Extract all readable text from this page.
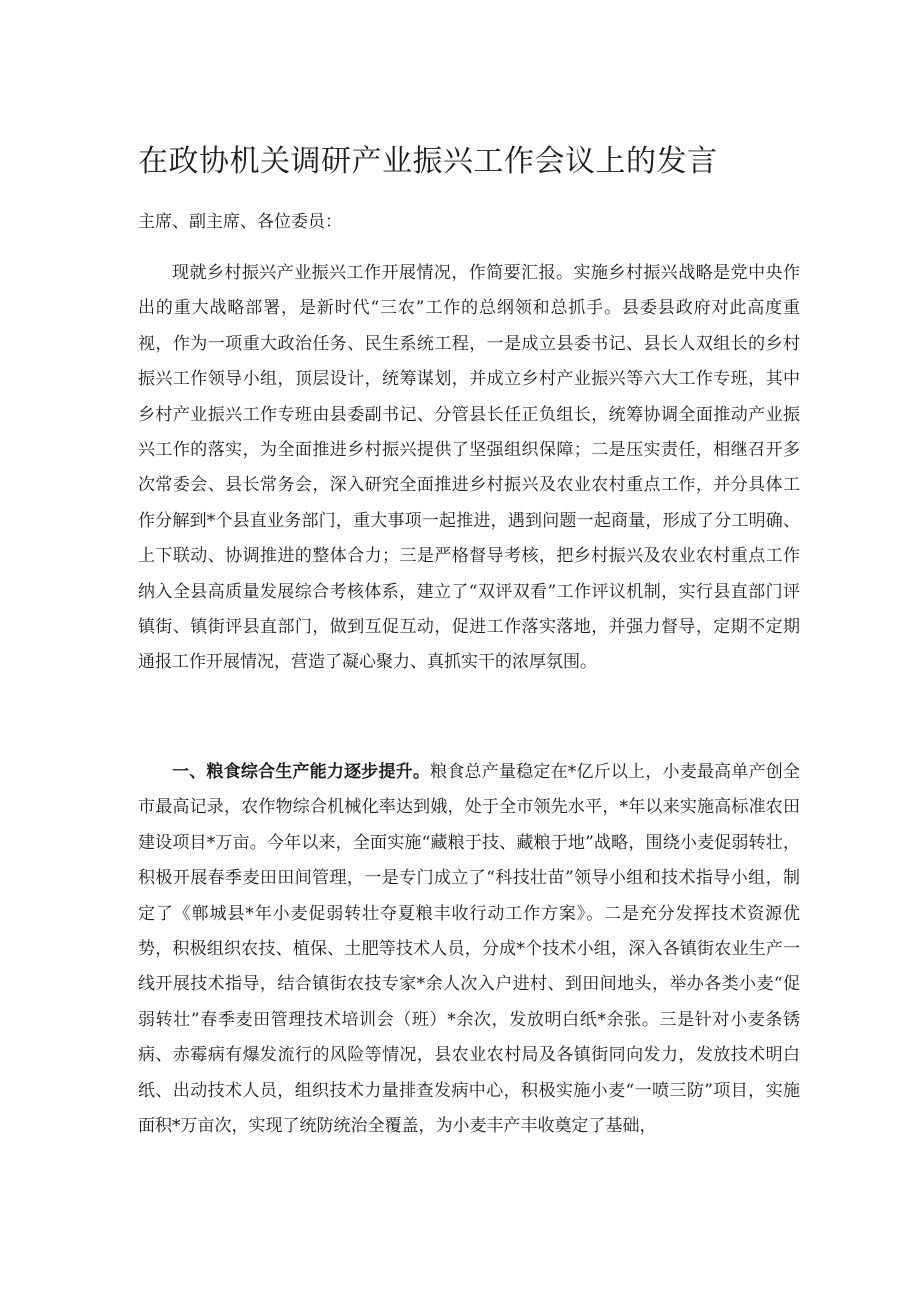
在政协机关调研产业振兴工作会议上的发言

主席、副主席、各位委员：

现就乡村振兴产业振兴工作开展情况，作简要汇报。实施乡村振兴战略是党中央作出的重大战略部署，是新时代“三农”工作的总纲领和总抓手。县委县政府对此高度重视，作为一项重大政治任务、民生系统工程，一是成立县委书记、县长人双组长的乡村振兴工作领导小组，顶层设计，统筹谋划，并成立乡村产业振兴等六大工作专班，其中乡村产业振兴工作专班由县委副书记、分管县长任正负组长，统筹协调全面推动产业振兴工作的落实，为全面推进乡村振兴提供了坚强组织保障；二是压实责任，相继召开多次常委会、县长常务会，深入研究全面推进乡村振兴及农业农村重点工作，并分具体工作分解到*个县直业务部门，重大事项一起推进，遇到问题一起商量，形成了分工明确、上下联动、协调推进的整体合力；三是严格督导考核，把乡村振兴及农业农村重点工作纳入全县高质量发展综合考核体系，建立了“双评双看”工作评议机制，实行县直部门评镇街、镇街评县直部门，做到互促互动，促进工作落实落地，并强力督导，定期不定期通报工作开展情况，营造了凝心聚力、真抓实干的浓厚氛围。

一、粮食综合生产能力逐步提升。粮食总产量稳定在*亿斤以上，小麦最高单产创全市最高记录，农作物综合机械化率达到娥，处于全市领先水平，*年以来实施高标准农田建设项目*万亩。今年以来，全面实施“藏粮于技、藏粮于地”战略，围绕小麦促弱转壮，积极开展春季麦田田间管理，一是专门成立了“科技壮苗”领导小组和技术指导小组，制定了《郸城县*年小麦促弱转壮夺夏粮丰收行动工作方案》。二是充分发挥技术资源优势，积极组织农技、植保、土肥等技术人员，分成*个技术小组，深入各镇街农业生产一线开展技术指导，结合镇街农技专家*余人次入户进村、到田间地头，举办各类小麦“促弱转壮”春季麦田管理技术培训会（班）*余次，发放明白纸*余张。三是针对小麦条锈病、赤霉病有爆发流行的风险等情况，县农业农村局及各镇街同向发力，发放技术明白纸、出动技术人员，组织技术力量排查发病中心，积极实施小麦“一喷三防”项目，实施面积*万亩次，实现了统防统治全覆盖，为小麦丰产丰收奠定了基础，
